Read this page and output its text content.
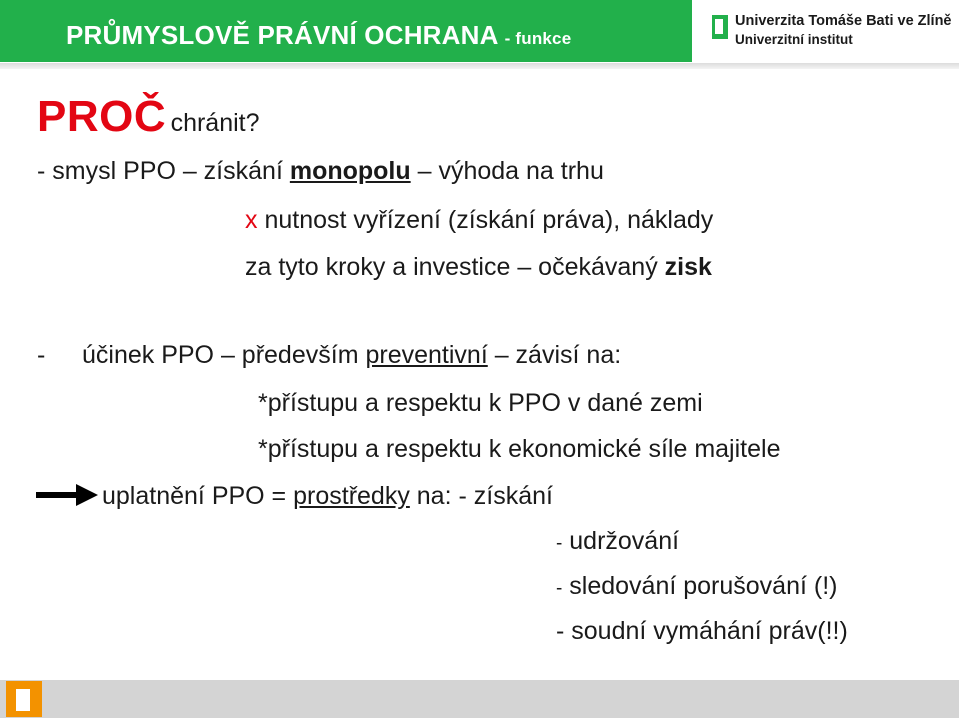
PRŮMYSLOVĚ PRÁVNÍ OCHRANA - funkce
Univerzita Tomáše Bati ve Zlíně
Univerzitní institut
PROČ chránit?
- smysl PPO – získání monopolu – výhoda na trhu
x nutnost vyřízení (získání práva), náklady
za tyto kroky a investice – očekávaný zisk
- účinek PPO – především preventivní – závisí na:
*přístupu a respektu k PPO v dané zemi
*přístupu a respektu k ekonomické síle majitele
uplatnění PPO = prostředky na: - získání
- udržování
- sledování porušování (!)
- soudní vymáhání práv(!!)
